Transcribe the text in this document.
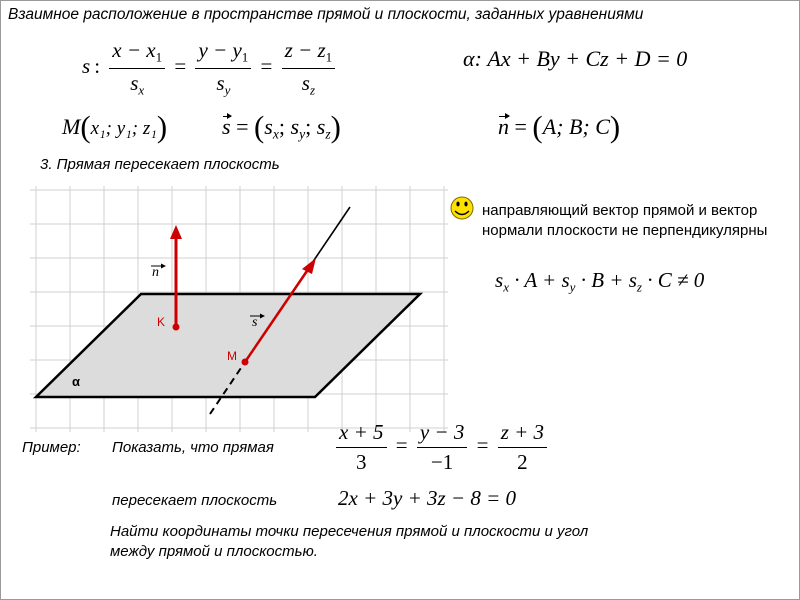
Взаимное расположение в пространстве прямой и плоскости, заданных уравнениями
s : $\frac{x - x_1}{s_x} = \frac{y - y_1}{s_y} = \frac{z - z_1}{s_z}$	α: Ax + By + Cz + D = 0
M(x₁; y₁; z₁) $s = (s_x$; $s_y$; $s_z$)	n = (A; B; C)
3. Прямая пересекает плоскость
α
K
M
n
s
направляющий вектор прямой и вектор нормали плоскости не перпендикулярны
$s_x \cdot A + s_y \cdot B + s_z \cdot C \ne 0$
Пример: Показать, что прямая	$\frac{x + 5}{3} = \frac{y - 3}{-1} = \frac{z + 3}{2}$
пересекает плоскость	2x + 3y + 3z − 8 = 0
Найти координаты точки пересечения прямой и плоскости и угол между прямой и плоскостью.
